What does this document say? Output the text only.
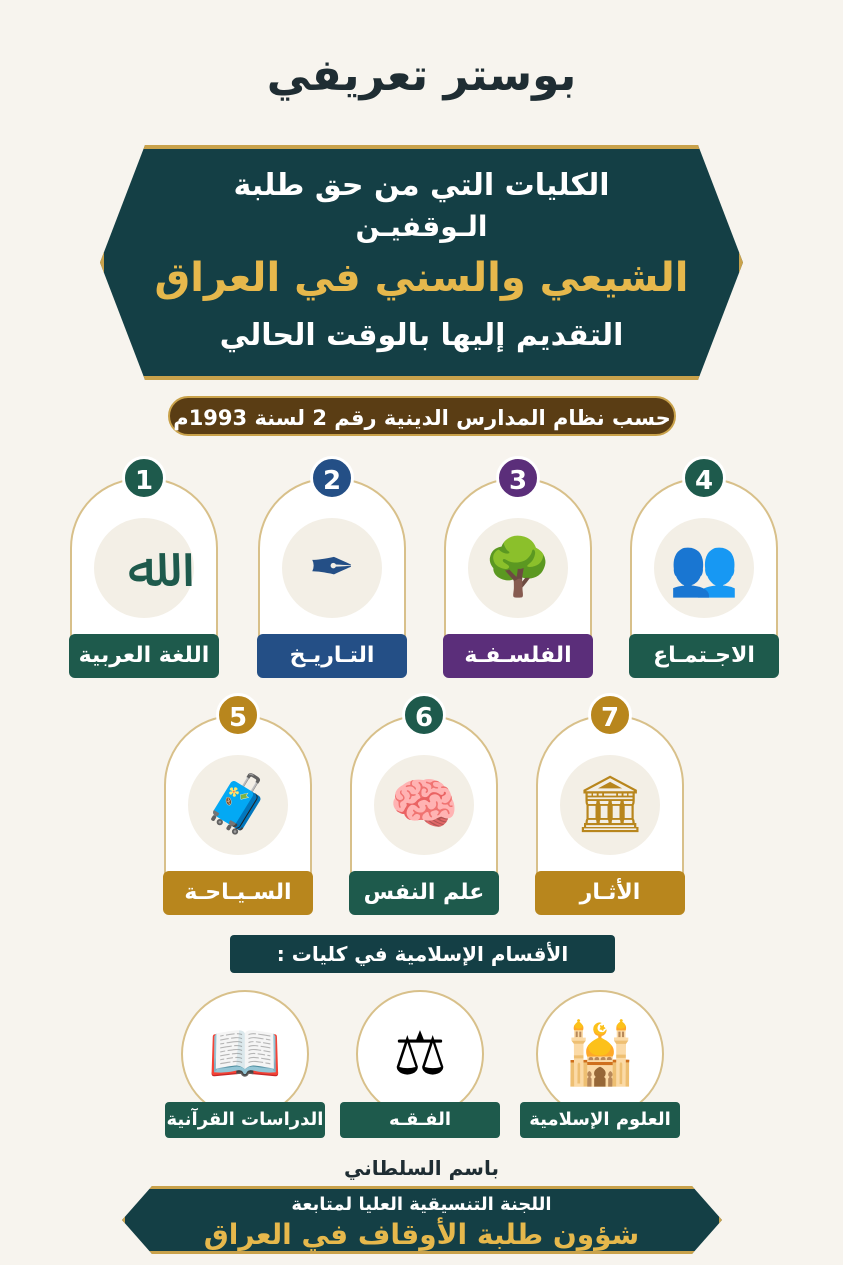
بوستر تعريفي
الكليات التي من حق طلبة
الـوقفيـن
الشيعي والسني في العراق
التقديم إليها بالوقت الحالي
حسب نظام المدارس الدينية رقم 2 لسنة 1993م
ﷲ
1
اللغة العربية
✒
2
التـاريـخ
🌳
3
الفلسـفـة
👥
4
الاجـتمـاع
🧳
5
السـيـاحـة
🧠
6
علم النفس
🏛
7
الأثـار
الأقسام الإسلامية في كليات :
🕌
العلوم الإسلامية
⚖
الفـقـه
📖
الدراسات القرآنية
باسم السلطاني
اللجنة التنسيقية العليا لمتابعة
شؤون طلبة الأوقاف في العراق
